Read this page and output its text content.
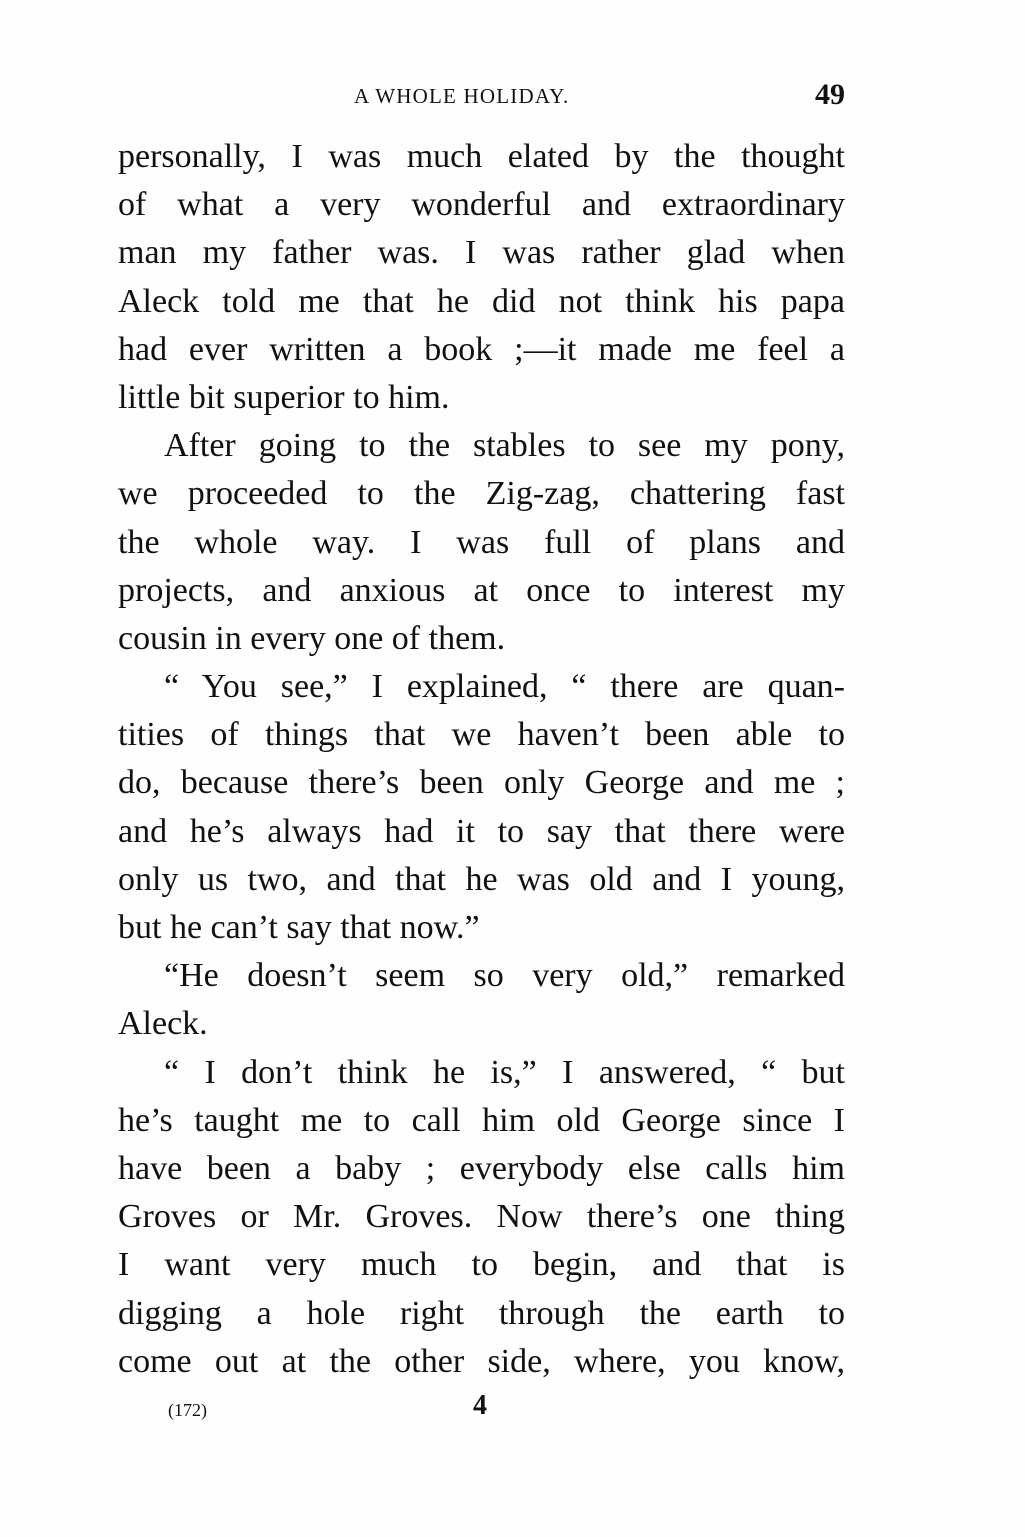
A WHOLE HOLIDAY.	49
personally, I was much elated by the thought
of what a very wonderful and extraordinary
man my father was. I was rather glad when
Aleck told me that he did not think his papa
had ever written a book ;—it made me feel a
little bit superior to him.
After going to the stables to see my pony,
we proceeded to the Zig-zag, chattering fast
the whole way. I was full of plans and
projects, and anxious at once to interest my
cousin in every one of them.
“ You see,” I explained, “ there are quan-
tities of things that we haven’t been able to
do, because there’s been only George and me ;
and he’s always had it to say that there were
only us two, and that he was old and I young,
but he can’t say that now.”
“He doesn’t seem so very old,” remarked
Aleck.
“ I don’t think he is,” I answered, “ but
he’s taught me to call him old George since I
have been a baby ; everybody else calls him
Groves or Mr. Groves. Now there’s one thing
I want very much to begin, and that is
digging a hole right through the earth to
come out at the other side, where, you know,
(172)	4
